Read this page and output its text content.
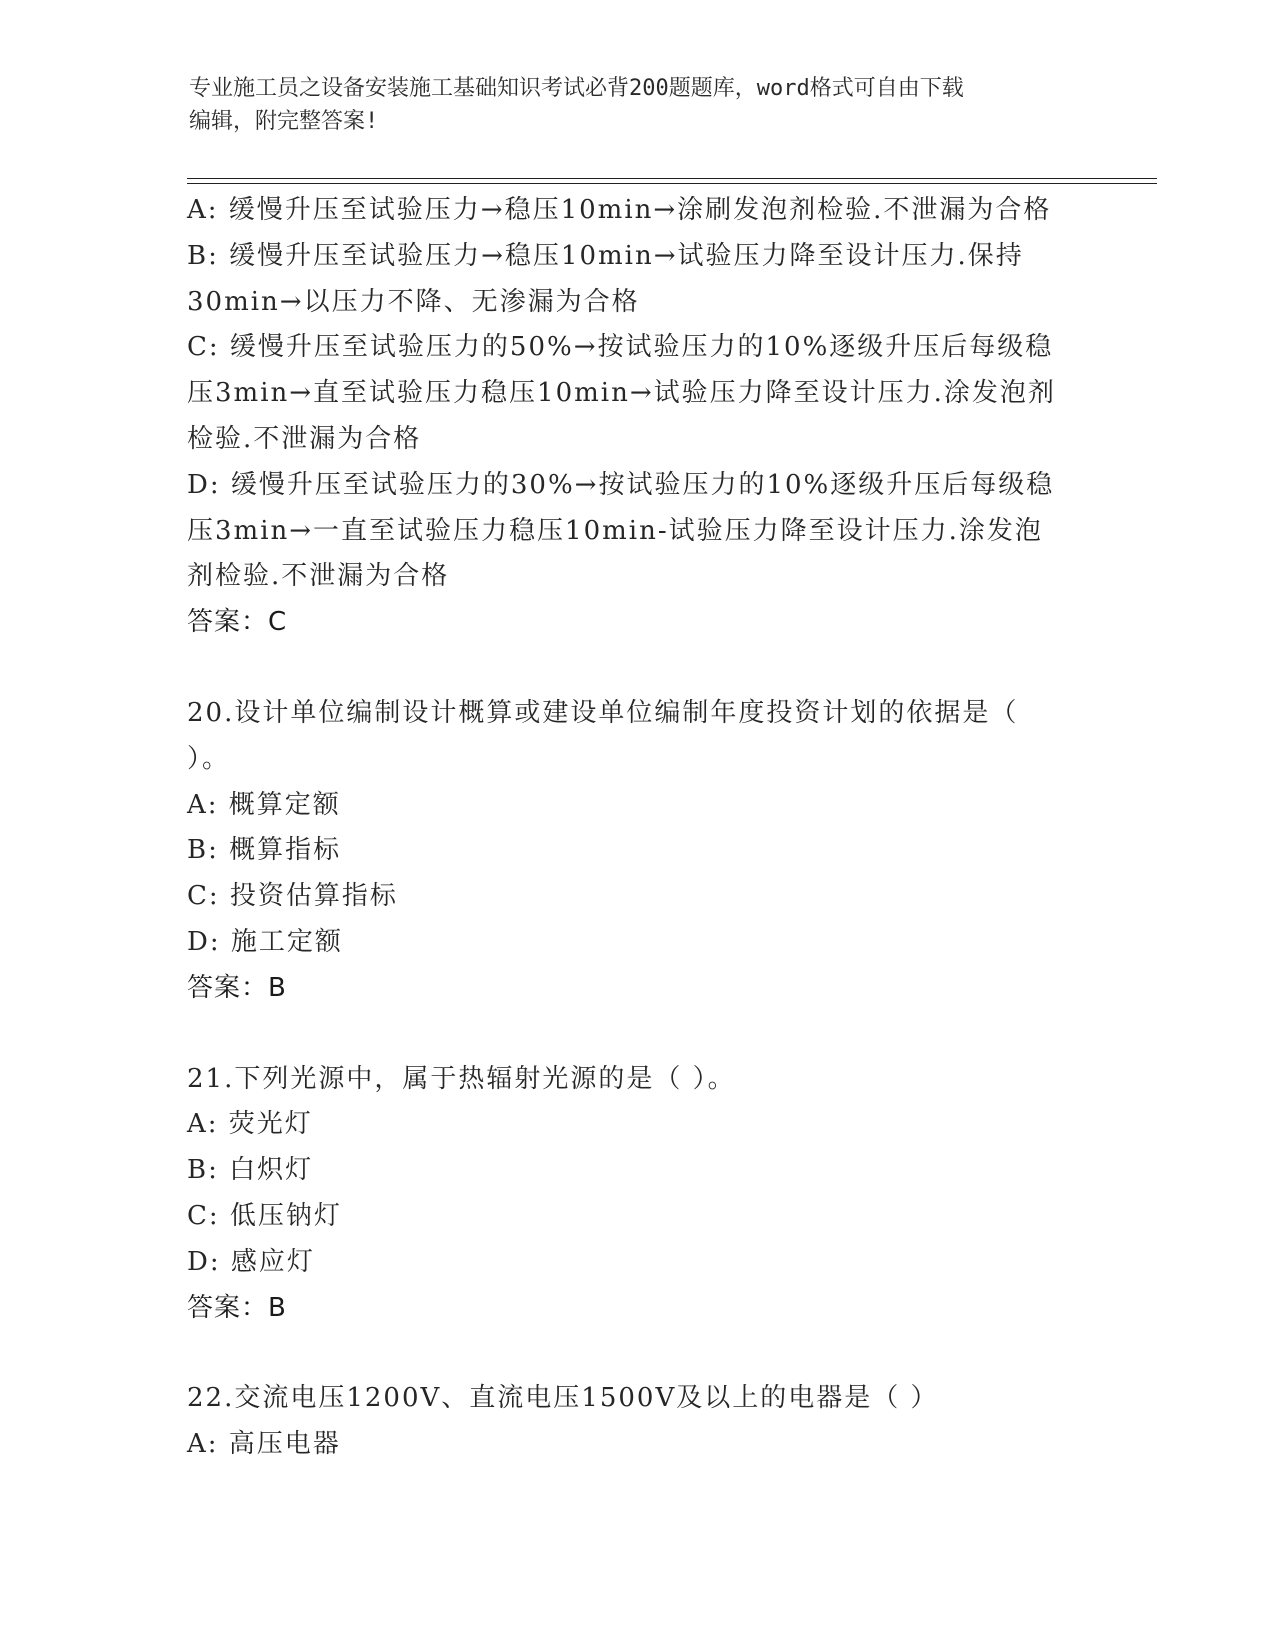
专业施工员之设备安装施工基础知识考试必背200题题库，word格式可自由下载
编辑，附完整答案!
A: 缓慢升压至试验压力→稳压10min→涂刷发泡剂检验.不泄漏为合格
B: 缓慢升压至试验压力→稳压10min→试验压力降至设计压力.保持
30min→以压力不降、无渗漏为合格
C: 缓慢升压至试验压力的50%→按试验压力的10%逐级升压后每级稳
压3min→直至试验压力稳压10min→试验压力降至设计压力.涂发泡剂
检验.不泄漏为合格
D: 缓慢升压至试验压力的30%→按试验压力的10%逐级升压后每级稳
压3min→一直至试验压力稳压10min-试验压力降至设计压力.涂发泡
剂检验.不泄漏为合格
答案：C
20.设计单位编制设计概算或建设单位编制年度投资计划的依据是（
）。
A: 概算定额
B: 概算指标
C: 投资估算指标
D: 施工定额
答案：B
21.下列光源中，属于热辐射光源的是（ ）。
A: 荧光灯
B: 白炽灯
C: 低压钠灯
D: 感应灯
答案：B
22.交流电压1200V、直流电压1500V及以上的电器是（ ）
A: 高压电器
